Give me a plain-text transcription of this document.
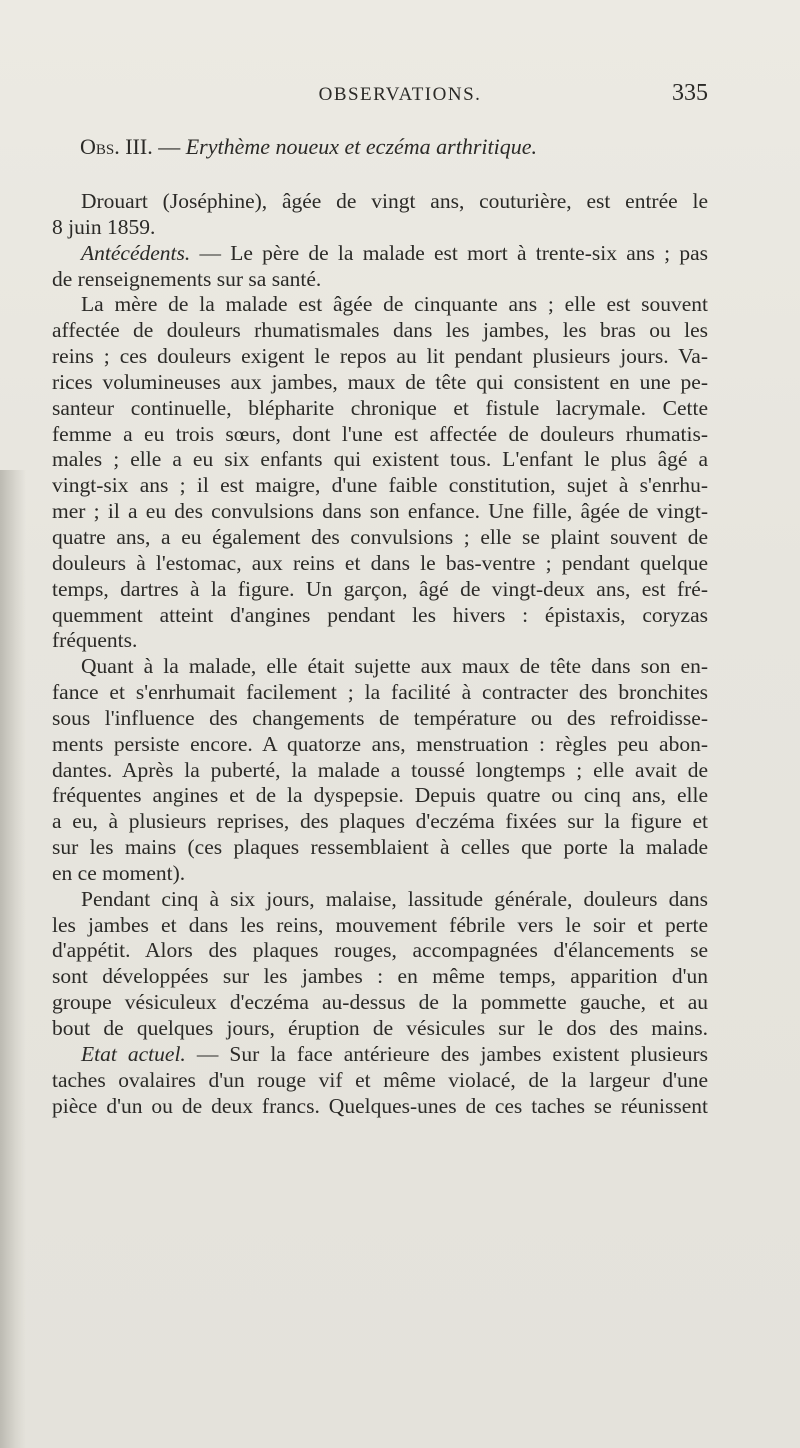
OBSERVATIONS.	335
Obs. III. — Erythème noueux et eczéma arthritique.
Drouart (Joséphine), âgée de vingt ans, couturière, est entrée le
8 juin 1859.
Antécédents. — Le père de la malade est mort à trente-six ans ; pas
de renseignements sur sa santé.
La mère de la malade est âgée de cinquante ans ; elle est souvent
affectée de douleurs rhumatismales dans les jambes, les bras ou les
reins ; ces douleurs exigent le repos au lit pendant plusieurs jours. Va-
rices volumineuses aux jambes, maux de tête qui consistent en une pe-
santeur continuelle, blépharite chronique et fistule lacrymale. Cette
femme a eu trois sœurs, dont l'une est affectée de douleurs rhumatis-
males ; elle a eu six enfants qui existent tous. L'enfant le plus âgé a
vingt-six ans ; il est maigre, d'une faible constitution, sujet à s'enrhu-
mer ; il a eu des convulsions dans son enfance. Une fille, âgée de vingt-
quatre ans, a eu également des convulsions ; elle se plaint souvent de
douleurs à l'estomac, aux reins et dans le bas-ventre ; pendant quelque
temps, dartres à la figure. Un garçon, âgé de vingt-deux ans, est fré-
quemment atteint d'angines pendant les hivers : épistaxis, coryzas
fréquents.
Quant à la malade, elle était sujette aux maux de tête dans son en-
fance et s'enrhumait facilement ; la facilité à contracter des bronchites
sous l'influence des changements de température ou des refroidisse-
ments persiste encore. A quatorze ans, menstruation : règles peu abon-
dantes. Après la puberté, la malade a toussé longtemps ; elle avait de
fréquentes angines et de la dyspepsie. Depuis quatre ou cinq ans, elle
a eu, à plusieurs reprises, des plaques d'eczéma fixées sur la figure et
sur les mains (ces plaques ressemblaient à celles que porte la malade
en ce moment).
Pendant cinq à six jours, malaise, lassitude générale, douleurs dans
les jambes et dans les reins, mouvement fébrile vers le soir et perte
d'appétit. Alors des plaques rouges, accompagnées d'élancements se
sont développées sur les jambes : en même temps, apparition d'un
groupe vésiculeux d'eczéma au-dessus de la pommette gauche, et au
bout de quelques jours, éruption de vésicules sur le dos des mains.
Etat actuel. — Sur la face antérieure des jambes existent plusieurs
taches ovalaires d'un rouge vif et même violacé, de la largeur d'une
pièce d'un ou de deux francs. Quelques-unes de ces taches se réunissent
